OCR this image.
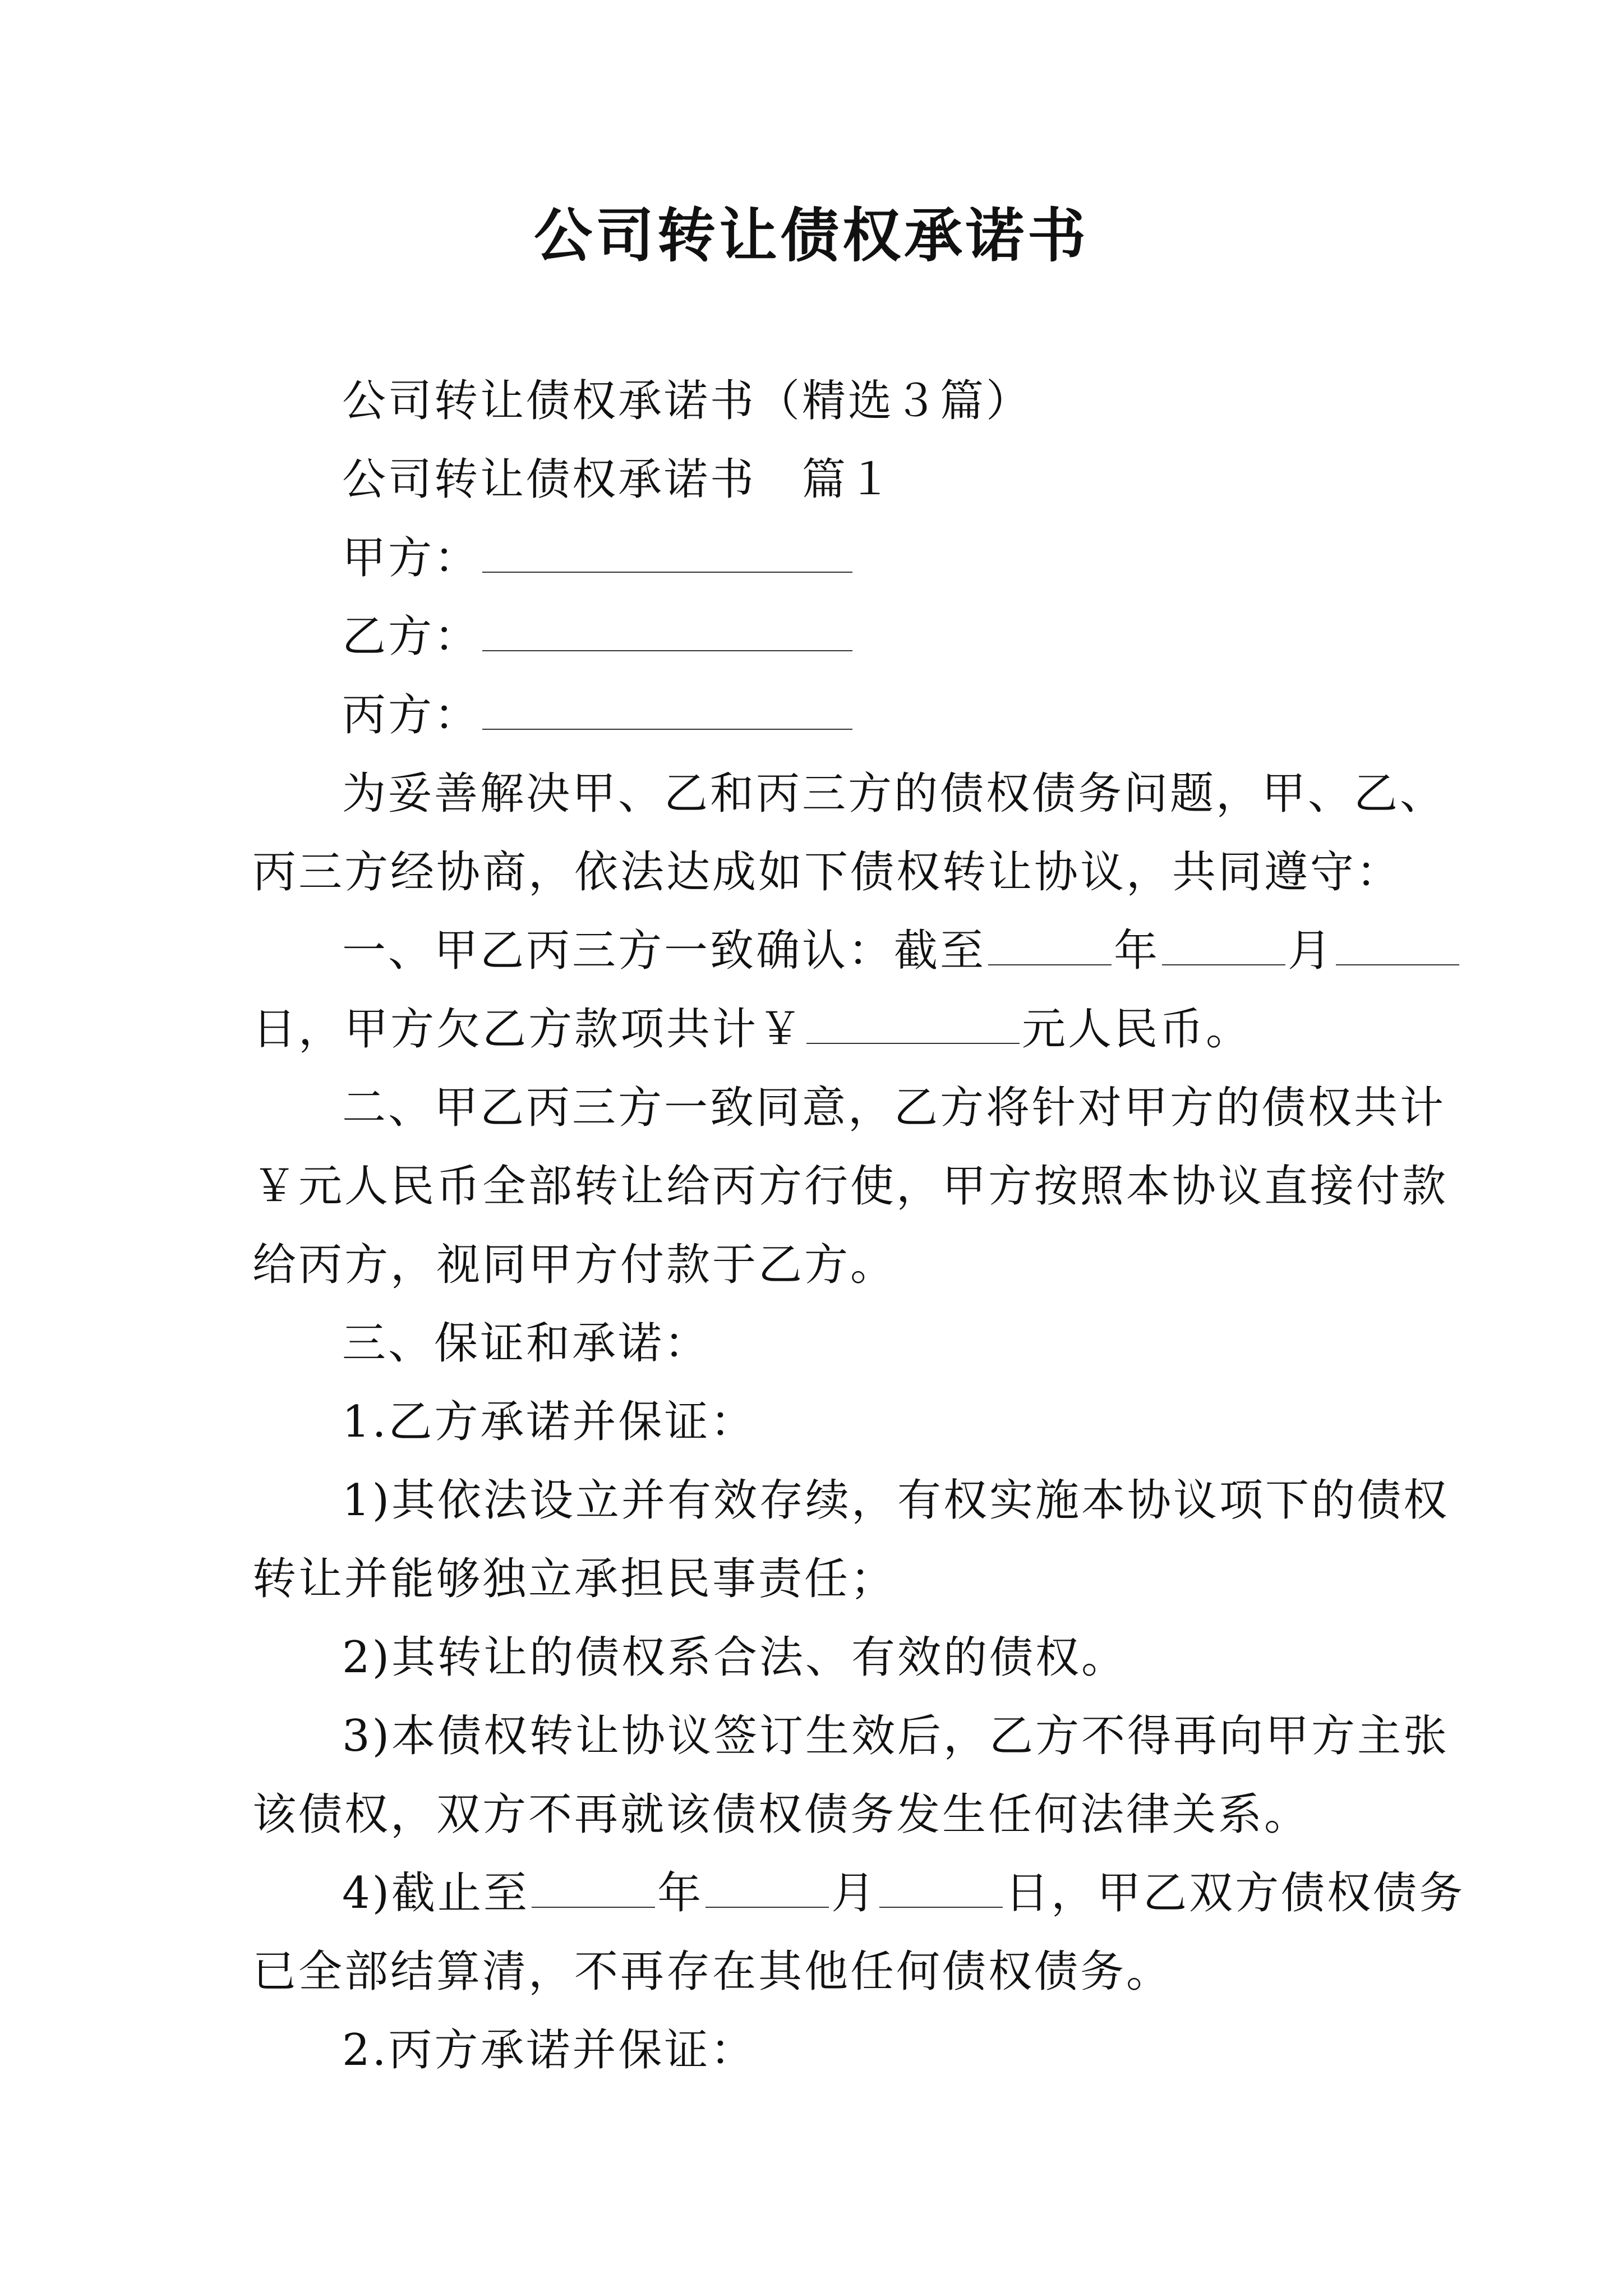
公司转让债权承诺书
公司转让债权承诺书（精选３篇）
公司转让债权承诺书　篇１
甲方：
乙方：
丙方：
为妥善解决甲、乙和丙三方的债权债务问题，甲、乙、
丙三方经协商，依法达成如下债权转让协议，共同遵守：
一、甲乙丙三方一致确认：截至	年	月
日，甲方欠乙方款项共计￥	元人民币。
二、甲乙丙三方一致同意，乙方将针对甲方的债权共计
￥元人民币全部转让给丙方行使，甲方按照本协议直接付款
给丙方，视同甲方付款于乙方。
三、保证和承诺：
1.乙方承诺并保证：
1)其依法设立并有效存续，有权实施本协议项下的债权
转让并能够独立承担民事责任；
2)其转让的债权系合法、有效的债权。
3)本债权转让协议签订生效后，乙方不得再向甲方主张
该债权，双方不再就该债权债务发生任何法律关系。
4)截止至	年	月	日，甲乙双方债权债务
已全部结算清，不再存在其他任何债权债务。
2.丙方承诺并保证：
